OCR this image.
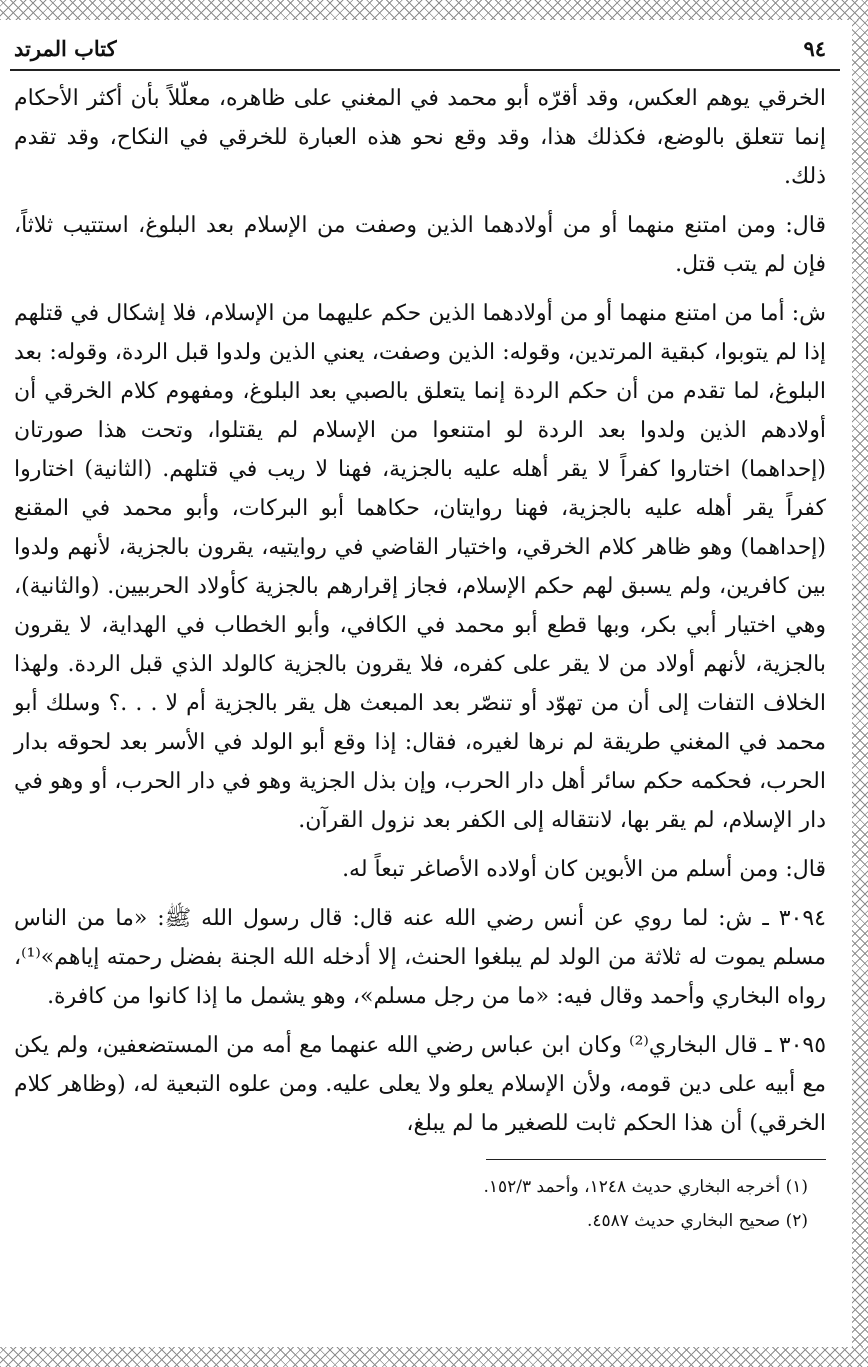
٩٤
كتاب المرتد

الخرقي يوهم العكس، وقد أقرّه أبو محمد في المغني على ظاهره، معلّلاً بأن أكثر الأحكام إنما تتعلق بالوضع، فكذلك هذا، وقد وقع نحو هذه العبارة للخرقي في النكاح، وقد تقدم ذلك.

قال: ومن امتنع منهما أو من أولادهما الذين وصفت من الإسلام بعد البلوغ، استتيب ثلاثاً، فإن لم يتب قتل.

ش: أما من امتنع منهما أو من أولادهما الذين حكم عليهما من الإسلام، فلا إشكال في قتلهم إذا لم يتوبوا، كبقية المرتدين، وقوله: الذين وصفت، يعني الذين ولدوا قبل الردة، وقوله: بعد البلوغ، لما تقدم من أن حكم الردة إنما يتعلق بالصبي بعد البلوغ، ومفهوم كلام الخرقي أن أولادهم الذين ولدوا بعد الردة لو امتنعوا من الإسلام لم يقتلوا، وتحت هذا صورتان (إحداهما) اختاروا كفراً لا يقر أهله عليه بالجزية، فهنا لا ريب في قتلهم. (الثانية) اختاروا كفراً يقر أهله عليه بالجزية، فهنا روايتان، حكاهما أبو البركات، وأبو محمد في المقنع (إحداهما) وهو ظاهر كلام الخرقي، واختيار القاضي في روايتيه، يقرون بالجزية، لأنهم ولدوا بين كافرين، ولم يسبق لهم حكم الإسلام، فجاز إقرارهم بالجزية كأولاد الحربيين. (والثانية)، وهي اختيار أبي بكر، وبها قطع أبو محمد في الكافي، وأبو الخطاب في الهداية، لا يقرون بالجزية، لأنهم أولاد من لا يقر على كفره، فلا يقرون بالجزية كالولد الذي قبل الردة. ولهذا الخلاف التفات إلى أن من تهوّد أو تنصّر بعد المبعث هل يقر بالجزية أم لا . . .؟ وسلك أبو محمد في المغني طريقة لم نرها لغيره، فقال: إذا وقع أبو الولد في الأسر بعد لحوقه بدار الحرب، فحكمه حكم سائر أهل دار الحرب، وإن بذل الجزية وهو في دار الحرب، أو وهو في دار الإسلام، لم يقر بها، لانتقاله إلى الكفر بعد نزول القرآن.

قال: ومن أسلم من الأبوين كان أولاده الأصاغر تبعاً له.

٣٠٩٤ ـ ش: لما روي عن أنس رضي الله عنه قال: قال رسول الله ﷺ: «ما من الناس مسلم يموت له ثلاثة من الولد لم يبلغوا الحنث، إلا أدخله الله الجنة بفضل رحمته إياهم»⁽¹⁾، رواه البخاري وأحمد وقال فيه: «ما من رجل مسلم»، وهو يشمل ما إذا كانوا من كافرة.

٣٠٩٥ ـ قال البخاري⁽²⁾ وكان ابن عباس رضي الله عنهما مع أمه من المستضعفين، ولم يكن مع أبيه على دين قومه، ولأن الإسلام يعلو ولا يعلى عليه. ومن علوه التبعية له، (وظاهر كلام الخرقي) أن هذا الحكم ثابت للصغير ما لم يبلغ،

(١) أخرجه البخاري حديث ١٢٤٨، وأحمد ١٥٢/٣.

(٢) صحيح البخاري حديث ٤٥٨٧.
